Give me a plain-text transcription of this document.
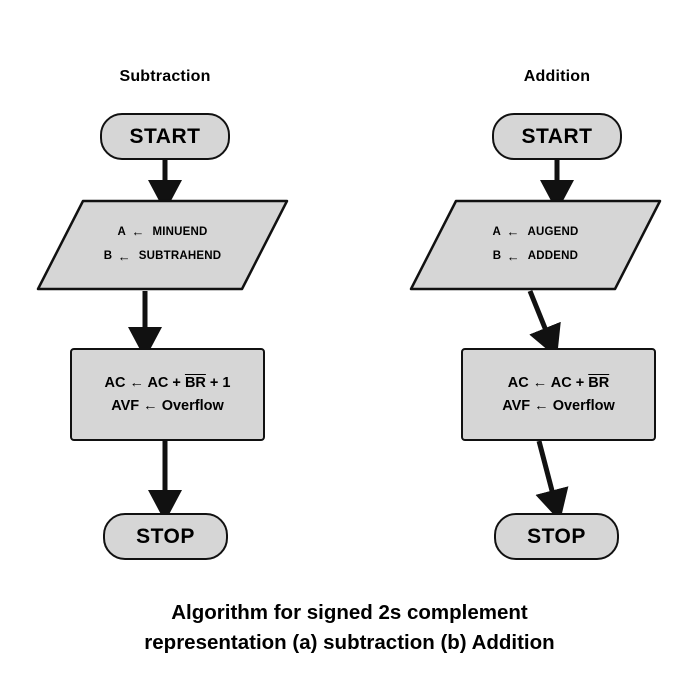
Subtraction
START
A ← MINUEND
B ← SUBTRAHEND
AC ← AC + $\overline{BR} + 1$
AVF ← Overflow
STOP
Addition
START
A ← AUGEND
B ← ADDEND
AC ← AC + $\overline{BR}$
AVF ← Overflow
STOP
Algorithm for signed 2s complement
representation (a) subtraction (b) Addition
